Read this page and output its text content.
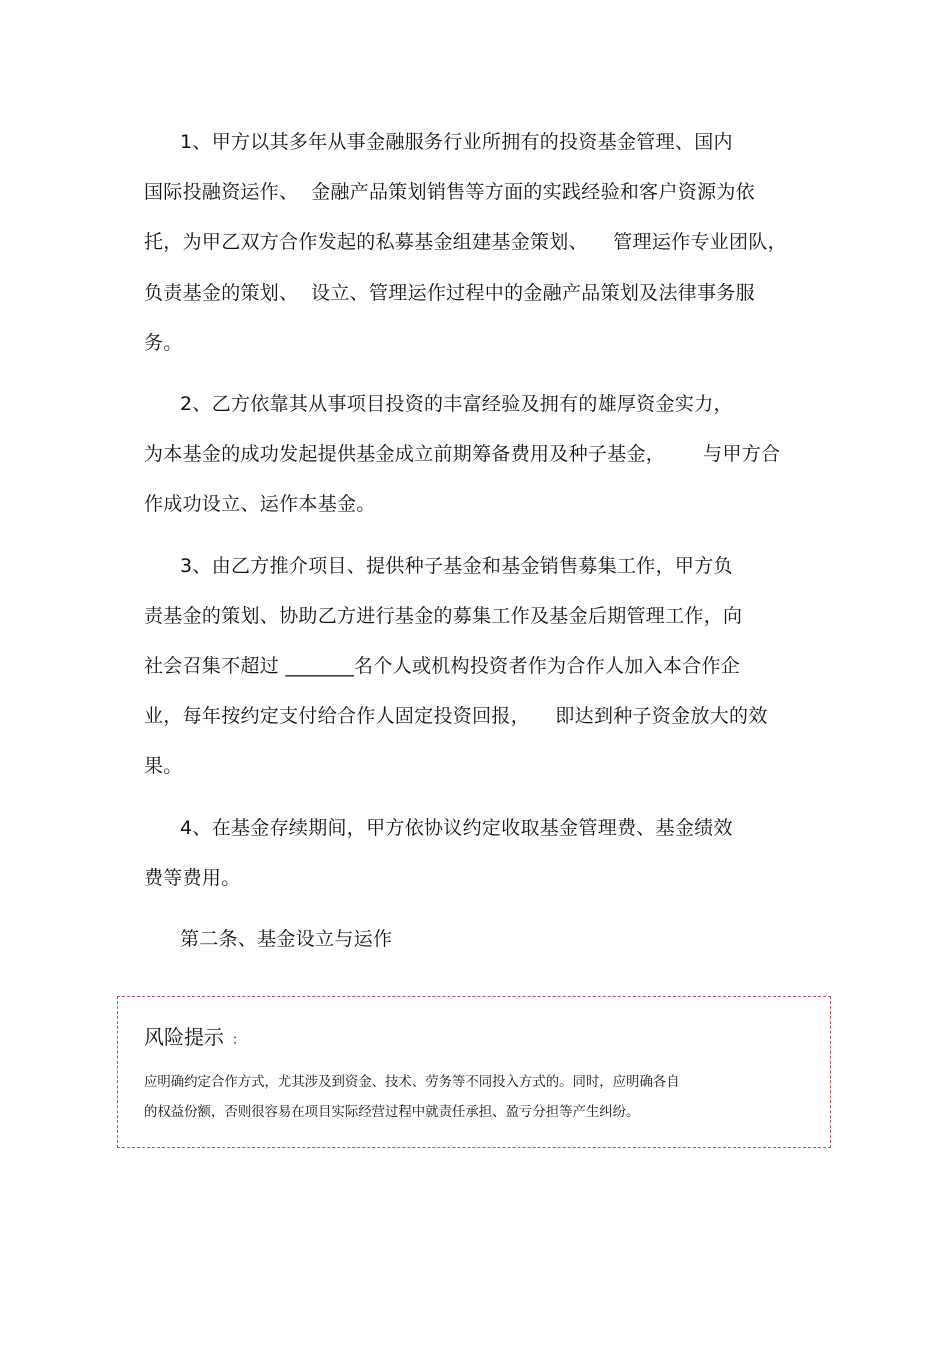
1、甲方以其多年从事金融服务行业所拥有的投资基金管理、国内
国际投融资运作、  金融产品策划销售等方面的实践经验和客户资源为依
托，为甲乙双方合作发起的私募基金组建基金策划、    管理运作专业团队，
负责基金的策划、  设立、管理运作过程中的金融产品策划及法律事务服
务。
2、乙方依靠其从事项目投资的丰富经验及拥有的雄厚资金实力，
为本基金的成功发起提供基金成立前期筹备费用及种子基金，      与甲方合
作成功设立、运作本基金。
3、由乙方推介项目、提供种子基金和基金销售募集工作，甲方负
责基金的策划、协助乙方进行基金的募集工作及基金后期管理工作，向
社会召集不超过 _______名个人或机构投资者作为合作人加入本合作企
业，每年按约定支付给合作人固定投资回报，    即达到种子资金放大的效
果。
4、在基金存续期间，甲方依协议约定收取基金管理费、基金绩效
费等费用。
第二条、基金设立与运作
风险提示 ：
应明确约定合作方式，尤其涉及到资金、技术、劳务等不同投入方式的。同时，应明确各自
的权益份额，否则很容易在项目实际经营过程中就责任承担、盈亏分担等产生纠纷。
